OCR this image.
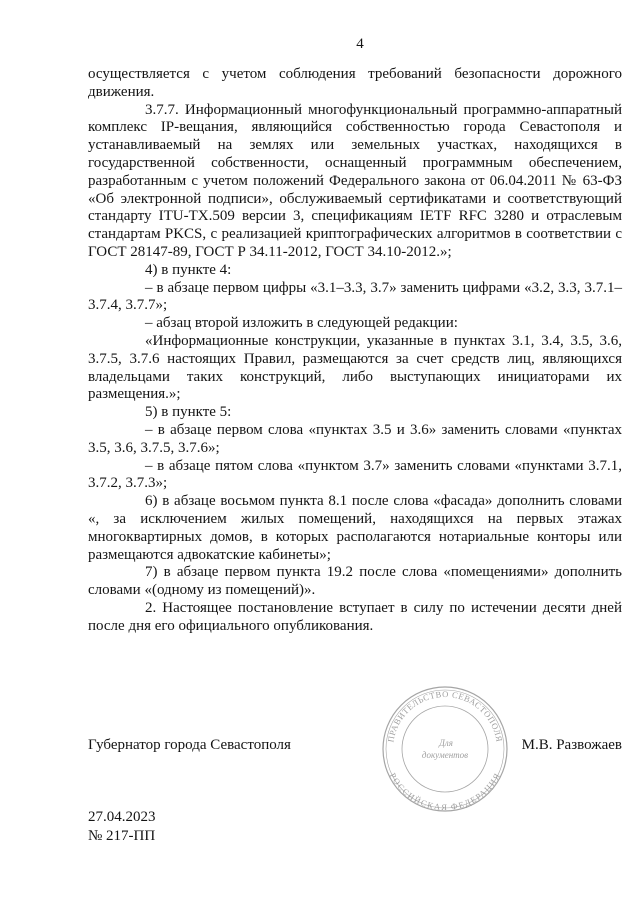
4

осуществляется с учетом соблюдения требований безопасности дорожного движения.

3.7.7. Информационный многофункциональный программно-аппаратный комплекс IP-вещания, являющийся собственностью города Севастополя и устанавливаемый на землях или земельных участках, находящихся в государственной собственности, оснащенный программным обеспечением, разработанным с учетом положений Федерального закона от 06.04.2011 № 63-ФЗ «Об электронной подписи», обслуживаемый сертификатами и соответствующий стандарту ITU-TX.509 версии 3, спецификациям IETF RFC 3280 и отраслевым стандартам PKCS, с реализацией криптографических алгоритмов в соответствии с ГОСТ 28147-89, ГОСТ Р 34.11-2012, ГОСТ 34.10-2012.»;

4) в пункте 4:

– в абзаце первом цифры «3.1–3.3, 3.7» заменить цифрами «3.2, 3.3, 3.7.1–3.7.4, 3.7.7»;

– абзац второй изложить в следующей редакции:

«Информационные конструкции, указанные в пунктах 3.1, 3.4, 3.5, 3.6, 3.7.5, 3.7.6 настоящих Правил, размещаются за счет средств лиц, являющихся владельцами таких конструкций, либо выступающих инициаторами их размещения.»;

5) в пункте 5:

– в абзаце первом слова «пунктах 3.5 и 3.6» заменить словами «пунктах 3.5, 3.6, 3.7.5, 3.7.6»;

– в абзаце пятом слова «пунктом 3.7» заменить словами «пунктами 3.7.1, 3.7.2, 3.7.3»;

6) в абзаце восьмом пункта 8.1 после слова «фасада» дополнить словами «, за исключением жилых помещений, находящихся на первых этажах многоквартирных домов, в которых располагаются нотариальные конторы или размещаются адвокатские кабинеты»;

7) в абзаце первом пункта 19.2 после слова «помещениями» дополнить словами «(одному из помещений)».

2. Настоящее постановление вступает в силу по истечении десяти дней после дня его официального опубликования.

Губернатор города Севастополя	М.В. Развожаев
ПРАВИТЕЛЬСТВО СЕВАСТОПОЛЯ
РОССИЙСКАЯ ФЕДЕРАЦИЯ
Для
документов
27.04.2023
№ 217-ПП
